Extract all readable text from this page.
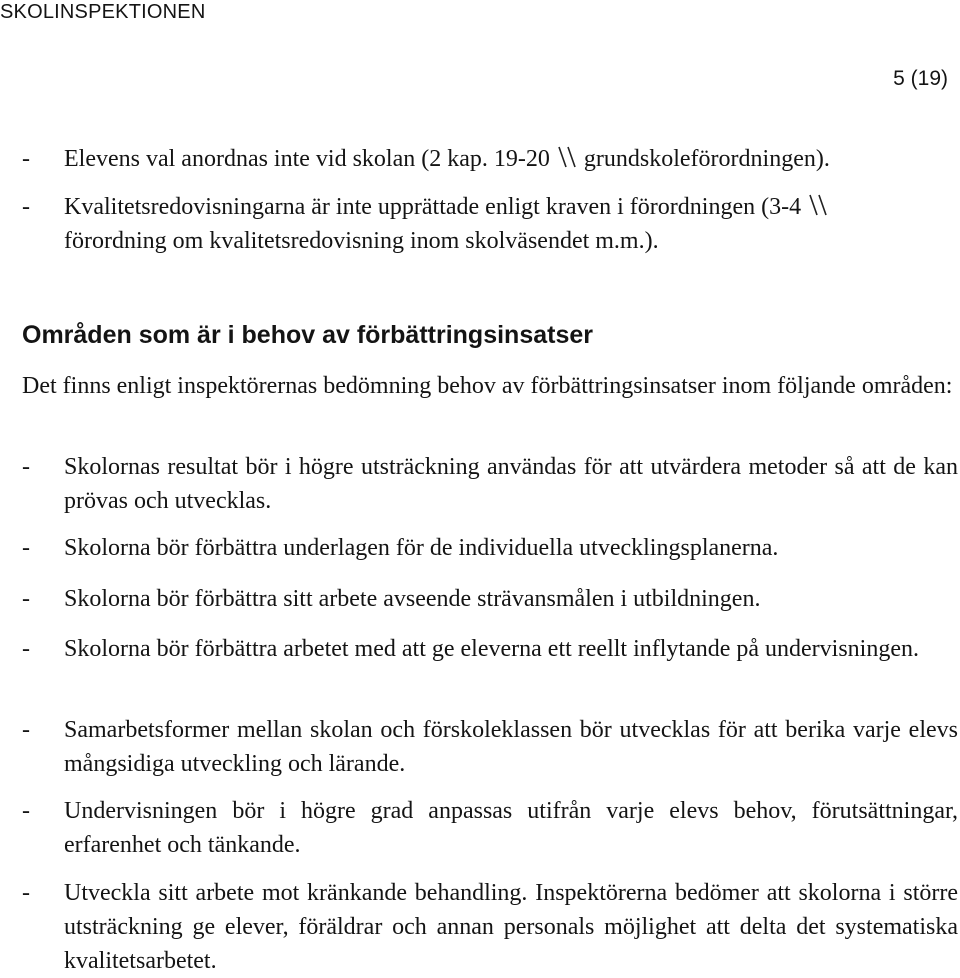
SKOLINSPEKTIONEN
5 (19)
- Elevens val anordnas inte vid skolan (2 kap. 19-20 grundskoleförordningen).
- Kvalitetsredovisningarna är inte upprättade enligt kraven i förordningen (3-4
förordning om kvalitetsredovisning inom skolväsendet m.m.).
Områden som är i behov av förbättringsinsatser
Det finns enligt inspektörernas bedömning behov av förbättringsinsatser inom följande områden:
- Skolornas resultat bör i högre utsträckning användas för att utvärdera metoder så att de kan prövas och utvecklas.
- Skolorna bör förbättra underlagen för de individuella utvecklingsplanerna.
- Skolorna bör förbättra sitt arbete avseende strävansmålen i utbildningen.
- Skolorna bör förbättra arbetet med att ge eleverna ett reellt inflytande på undervisningen.
- Samarbetsformer mellan skolan och förskoleklassen bör utvecklas för att berika varje elevs mångsidiga utveckling och lärande.
- Undervisningen bör i högre grad anpassas utifrån varje elevs behov, förutsättningar, erfarenhet och tänkande.
- Utveckla sitt arbete mot kränkande behandling. Inspektörerna bedömer att skolorna i större utsträckning ge elever, föräldrar och annan personals möjlighet att delta det systematiska kvalitetsarbetet.
